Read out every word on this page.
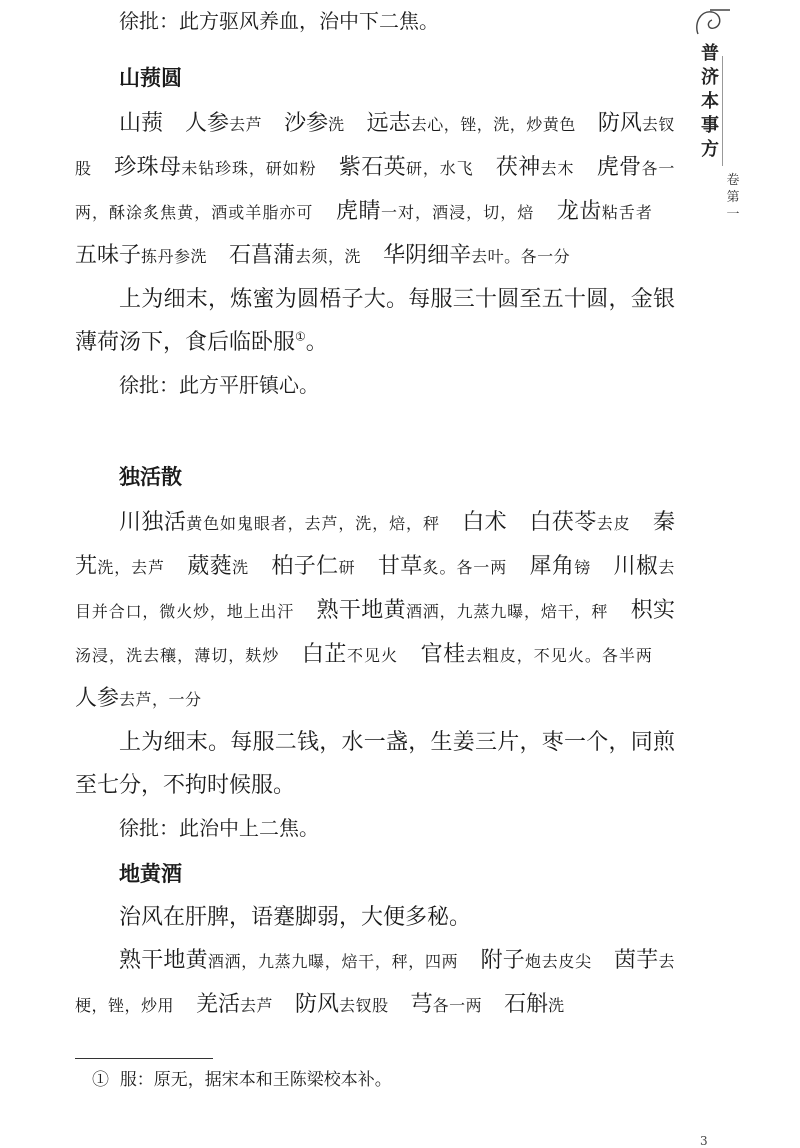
普济本事方
卷第一

徐批：此方驱风养血，治中下二焦。

山蓣圆

山蓣  人参去芦  沙参洗  远志去心，锉，洗，炒黄色  防风去钗股  珍珠母未钻珍珠，研如粉  紫石英研，水飞  茯神去木  虎骨各一两，酥涂炙焦黄，酒或羊脂亦可  虎睛一对，酒浸，切，焙  龙齿粘舌者 五味子拣丹参洗  石菖蒲去须，洗  华阴细辛去叶。各一分

上为细末，炼蜜为圆梧子大。每服三十圆至五十圆，金银薄荷汤下，食后临卧服①。

徐批：此方平肝镇心。

独活散

川独活黄色如鬼眼者，去芦，洗，焙，秤  白术  白茯苓去皮  秦艽洗，去芦  葳蕤洗  柏子仁研  甘草炙。各一两  犀角镑  川椒去目并合口，微火炒，地上出汗  熟干地黄酒洒，九蒸九曝，焙干，秤  枳实汤浸，洗去穰，薄切，麸炒  白芷不见火  官桂去粗皮，不见火。各半两 人参去芦，一分

上为细末。每服二钱，水一盏，生姜三片，枣一个，同煎至七分，不拘时候服。

徐批：此治中上二焦。

地黄酒

治风在肝脾，语蹇脚弱，大便多秘。

熟干地黄酒洒，九蒸九曝，焙干，秤，四两  附子炮去皮尖  茵芋去梗，锉，炒用  羌活去芦  防风去钗股  芎各一两  石斛洗

① 服：原无，据宋本和王陈梁校本补。
3
